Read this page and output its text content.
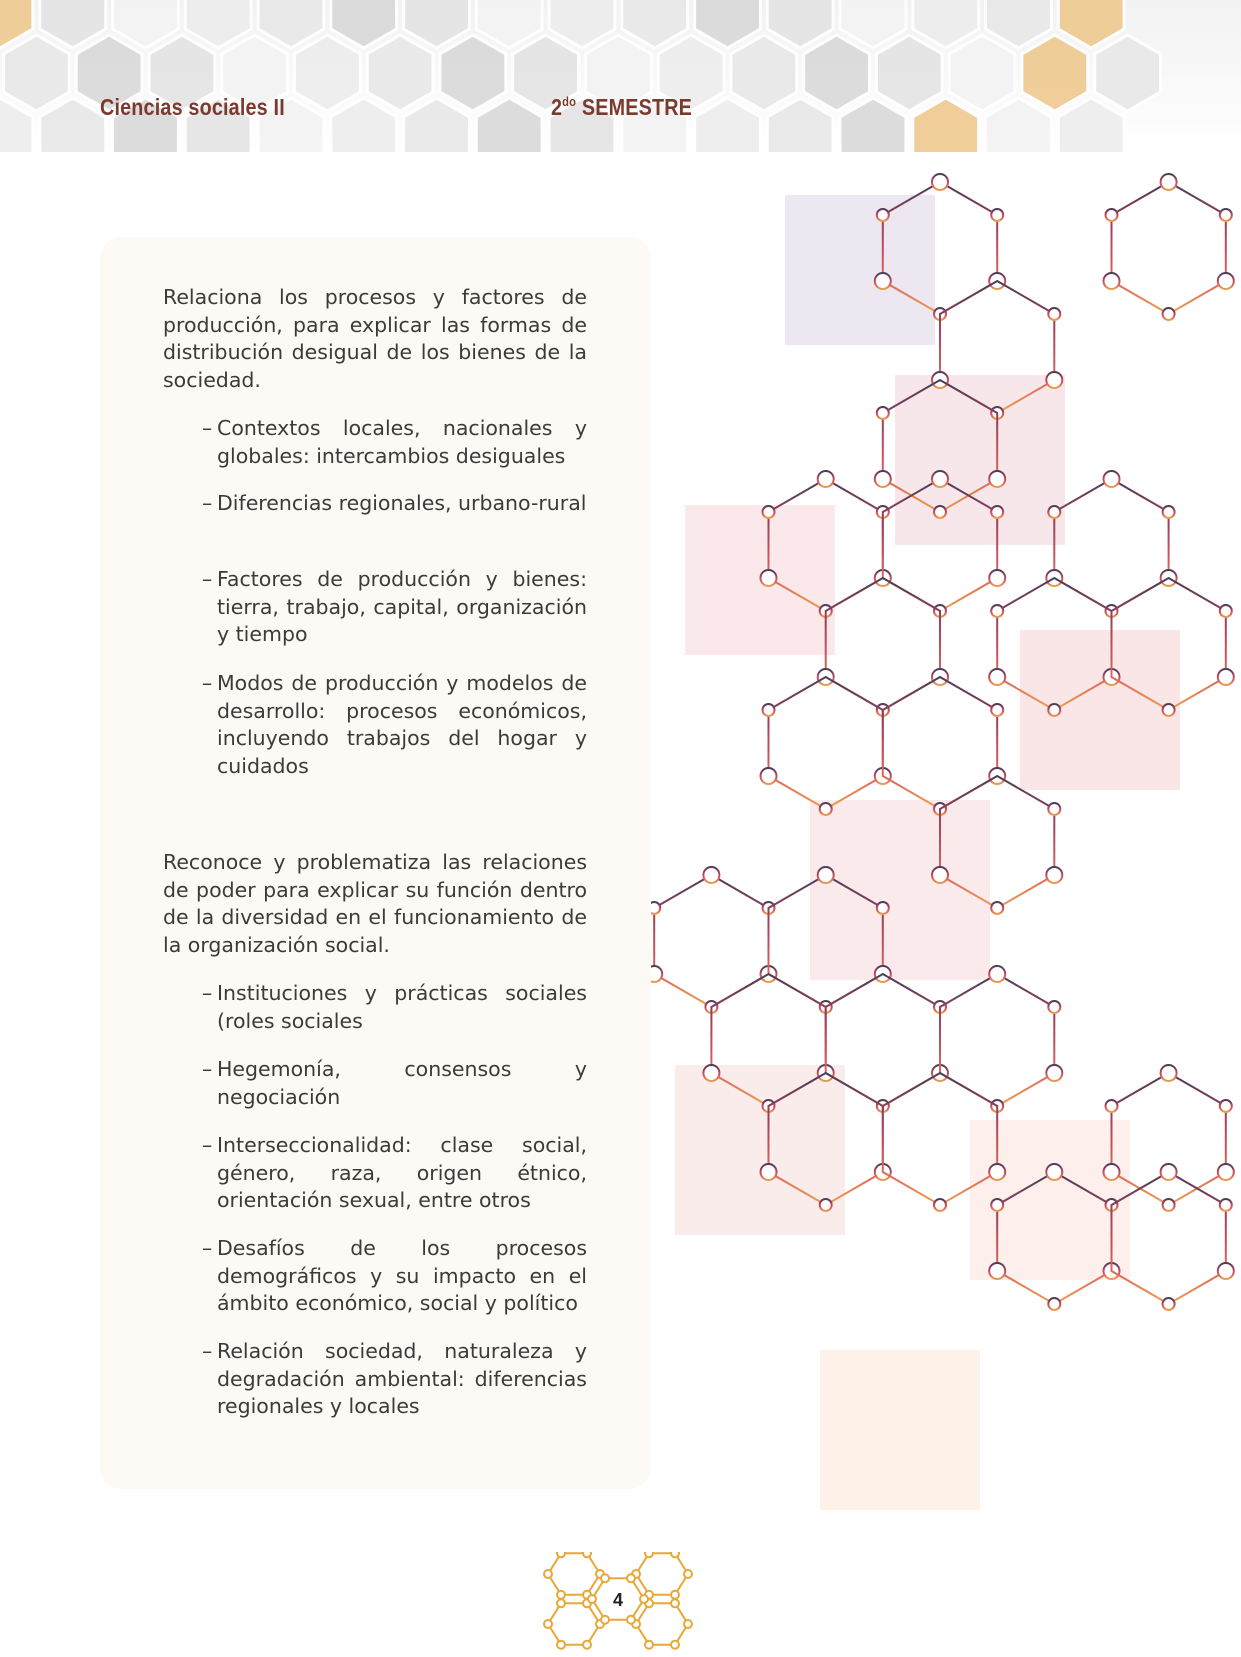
Ciencias sociales II	$2^{do}$ SEMESTRE
Relaciona los procesos y factores de producción, para explicar las formas de distribución desigual de los bienes de la sociedad.
– Contextos locales, nacionales y globales: intercambios desiguales
– Diferencias regionales, urbano-rural
– Factores de producción y bienes: tierra, trabajo, capital, organización y tiempo
– Modos de producción y modelos de desarrollo: procesos económicos, incluyendo trabajos del hogar y cuidados
Reconoce y problematiza las relaciones de poder para explicar su función dentro de la diversidad en el funcionamiento de la organización social.
– Instituciones y prácticas sociales (roles sociales
– Hegemonía, consensos y negociación
– Interseccionalidad: clase social, género, raza, origen étnico, orientación sexual, entre otros
– Desafíos de los procesos demográficos y su impacto en el ámbito económico, social y político
– Relación sociedad, naturaleza y degradación ambiental: diferencias regionales y locales
4
